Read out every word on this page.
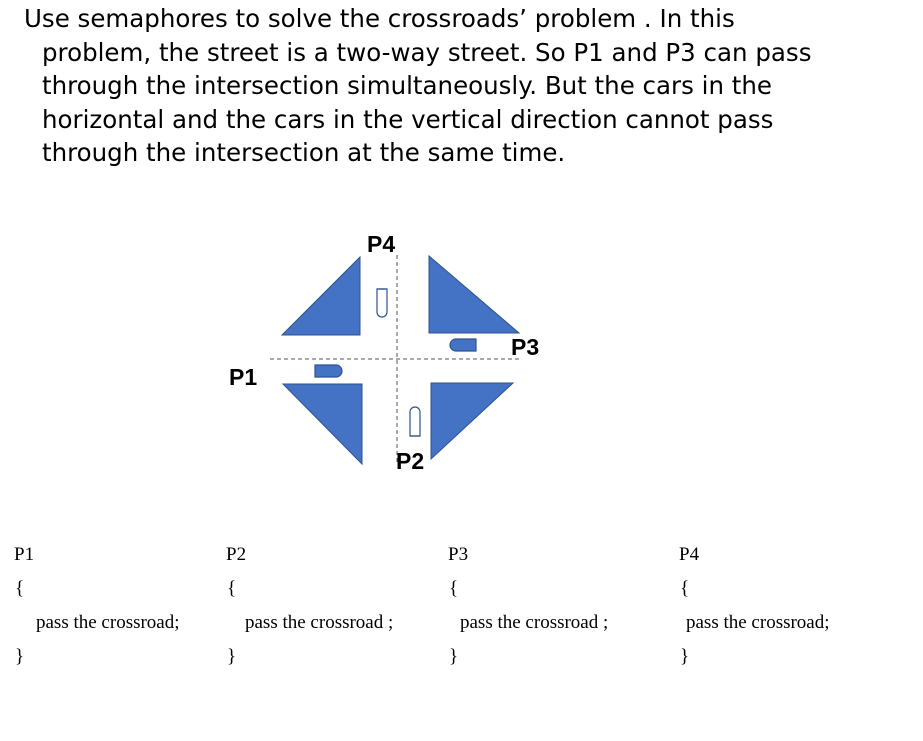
Use semaphores to solve the crossroads’ problem . In this
problem, the street is a two-way street. So P1 and P3 can pass
through the intersection simultaneously. But the cars in the
horizontal and the cars in the vertical direction cannot pass
through the intersection at the same time.
P4
P3
P1
P2
P1
{
pass the crossroad;
}
P2
{
pass the crossroad ;
}
P3
{
pass the crossroad ;
}
P4
{
pass the crossroad;
}
